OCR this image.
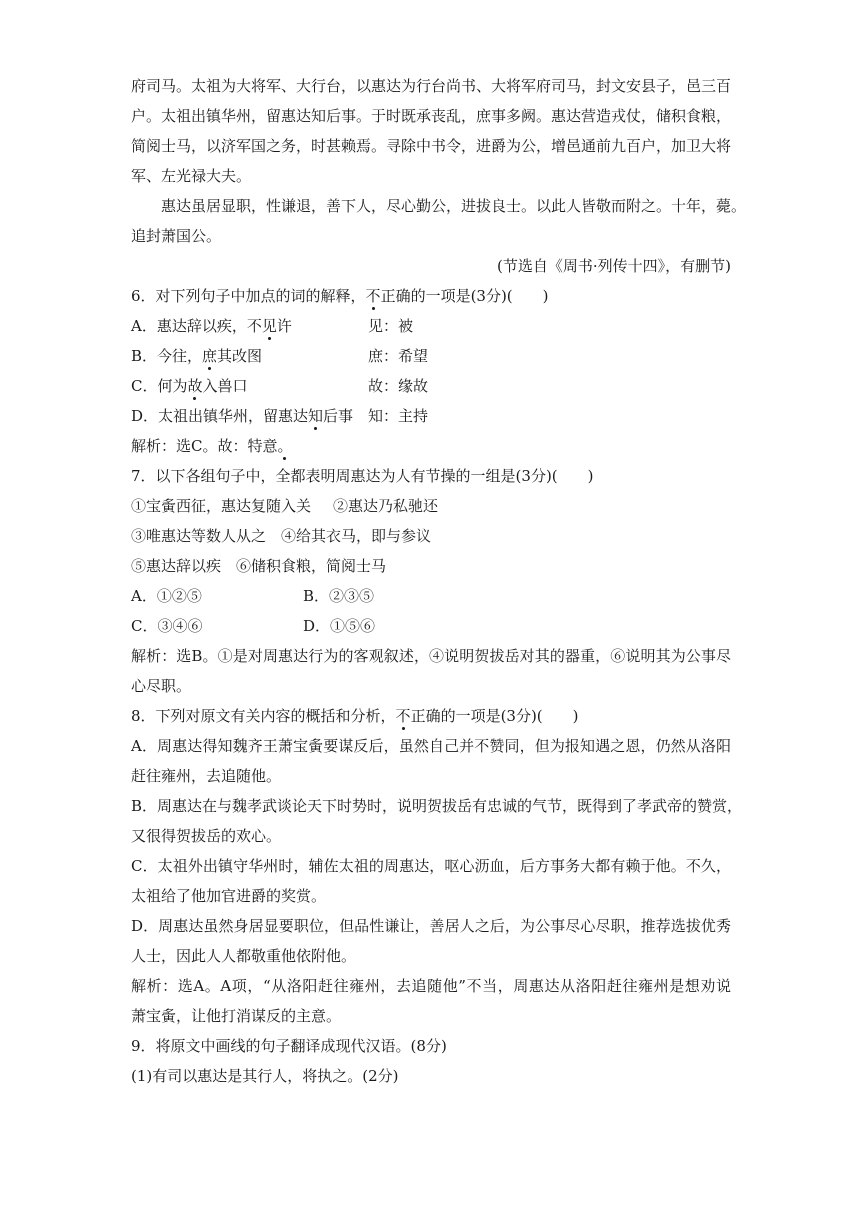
府司马。太祖为大将军、大行台，以惠达为行台尚书、大将军府司马，封文安县子，邑三百
户。太祖出镇华州，留惠达知后事。于时既承丧乱，庶事多阙。惠达营造戎仗，储积食粮，
简阅士马，以济军国之务，时甚赖焉。寻除中书令，进爵为公，增邑通前九百户，加卫大将
军、左光禄大夫。
惠达虽居显职，性谦退，善下人，尽心勤公，进拔良士。以此人皆敬而附之。十年，薨。
追封萧国公。
(节选自《周书·列传十四》，有删节)
6．对下列句子中加点的词的解释，不正确的一项是(3分)( )
A．惠达辞以疾，不见许	见：被
B．今往，庶其改图	庶：希望
C．何为故入兽口	故：缘故
D．太祖出镇华州，留惠达知后事 知：主持
解析：选C。故：特意。
7．以下各组句子中，全都表明周惠达为人有节操的一组是(3分)( )
①宝夤西征，惠达复随入关 ②惠达乃私驰还
③唯惠达等数人从之　④给其衣马，即与参议
⑤惠达辞以疾　⑥储积食粮，简阅士马
A．①②⑤	B．②③⑤
C．③④⑥	D．①⑤⑥
解析：选B。①是对周惠达行为的客观叙述，④说明贺拔岳对其的器重，⑥说明其为公事尽
心尽职。
8．下列对原文有关内容的概括和分析，不正确的一项是(3分)( )
A．周惠达得知魏齐王萧宝夤要谋反后，虽然自己并不赞同，但为报知遇之恩，仍然从洛阳
赶往雍州，去追随他。
B．周惠达在与魏孝武谈论天下时势时，说明贺拔岳有忠诚的气节，既得到了孝武帝的赞赏，
又很得贺拔岳的欢心。
C．太祖外出镇守华州时，辅佐太祖的周惠达，呕心沥血，后方事务大都有赖于他。不久，
太祖给了他加官进爵的奖赏。
D．周惠达虽然身居显要职位，但品性谦让，善居人之后，为公事尽心尽职，推荐选拔优秀
人士，因此人人都敬重他依附他。
解析：选A。A项，“从洛阳赶往雍州，去追随他”不当，周惠达从洛阳赶往雍州是想劝说
萧宝夤，让他打消谋反的主意。
9．将原文中画线的句子翻译成现代汉语。(8分)
(1)有司以惠达是其行人，将执之。(2分)
